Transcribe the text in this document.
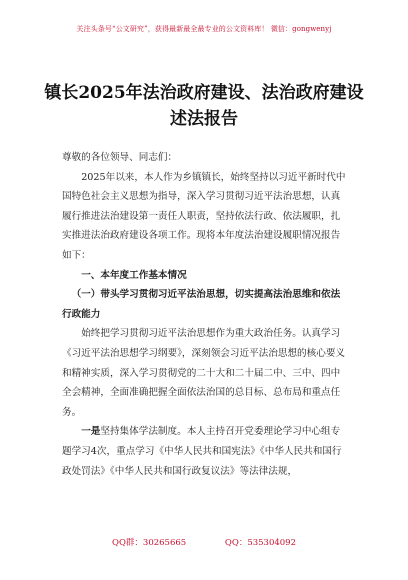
关注头条号“公文研究”，获得最新最全最专业的公文资料库！ 微信：gongwenyj
镇长2025年法治政府建设、法治政府建设述法报告

尊敬的各位领导、同志们：

2025年以来，本人作为乡镇镇长，始终坚持以习近平新时代中国特色社会主义思想为指导，深入学习贯彻习近平法治思想，认真履行推进法治建设第一责任人职责，坚持依法行政、依法履职，扎实推进法治政府建设各项工作。现将本年度法治建设履职情况报告如下：

一、本年度工作基本情况

（一）带头学习贯彻习近平法治思想，切实提高法治思维和依法行政能力

始终把学习贯彻习近平法治思想作为重大政治任务。认真学习《习近平法治思想学习纲要》，深刻领会习近平法治思想的核心要义和精神实质，深入学习贯彻党的二十大和二十届二中、三中、四中全会精神，全面准确把握全面依法治国的总目标、总布局和重点任务。

一是坚持集体学法制度。本人主持召开党委理论学习中心组专题学习4次，重点学习《中华人民共和国宪法》《中华人民共和国行政处罚法》《中华人民共和国行政复议法》等法律法规，

QQ群：30265665	QQ：535304092
